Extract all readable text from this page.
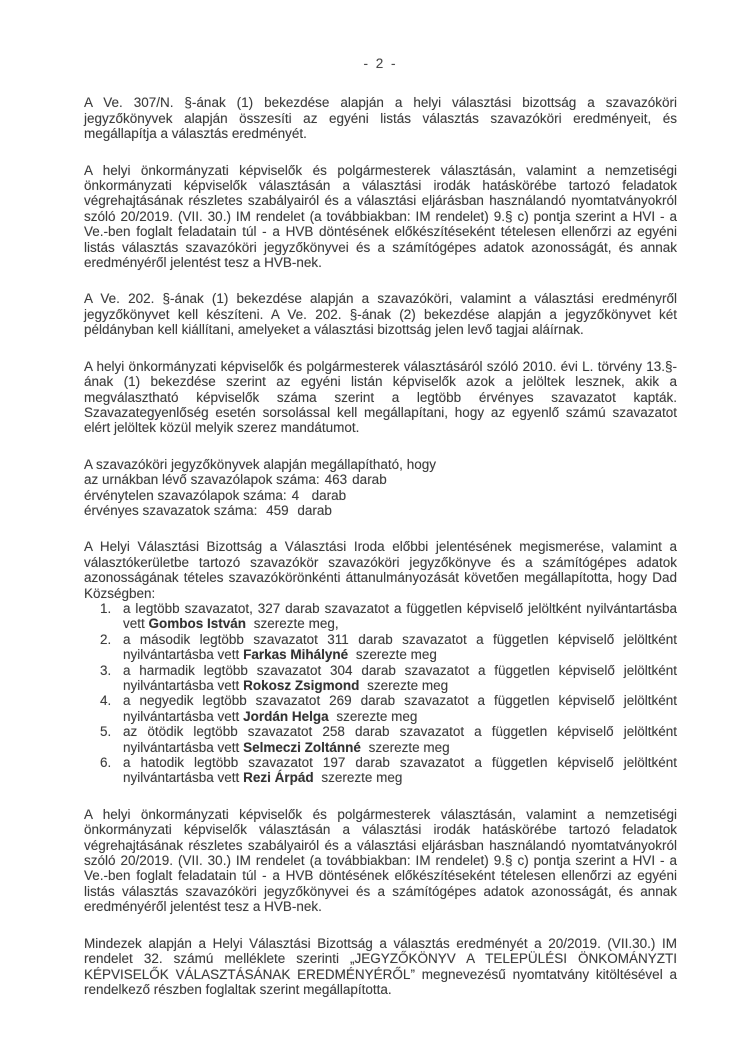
- 2 -

A Ve. 307/N. §-ának (1) bekezdése alapján a helyi választási bizottság a szavazóköri jegyzőkönyvek alapján összesíti az egyéni listás választás szavazóköri eredményeit, és megállapítja a választás eredményét.

A helyi önkormányzati képviselők és polgármesterek választásán, valamint a nemzetiségi önkormányzati képviselők választásán a választási irodák hatáskörébe tartozó feladatok végrehajtásának részletes szabályairól és a választási eljárásban használandó nyomtatványokról szóló 20/2019. (VII. 30.) IM rendelet (a továbbiakban: IM rendelet) 9.§ c) pontja szerint a HVI - a Ve.-ben foglalt feladatain túl - a HVB döntésének előkészítéseként tételesen ellenőrzi az egyéni listás választás szavazóköri jegyzőkönyvei és a számítógépes adatok azonosságát, és annak eredményéről jelentést tesz a HVB-nek.

A Ve. 202. §-ának (1) bekezdése alapján a szavazóköri, valamint a választási eredményről jegyzőkönyvet kell készíteni. A Ve. 202. §-ának (2) bekezdése alapján a jegyzőkönyvet két példányban kell kiállítani, amelyeket a választási bizottság jelen levő tagjai aláírnak.

A helyi önkormányzati képviselők és polgármesterek választásáról szóló 2010. évi L. törvény 13.§-ának (1) bekezdése szerint az egyéni listán képviselők azok a jelöltek lesznek, akik a megválasztható képviselők száma szerint a legtöbb érvényes szavazatot kapták. Szavazategyenlőség esetén sorsolással kell megállapítani, hogy az egyenlő számú szavazatot elért jelöltek közül melyik szerez mandátumot.

A szavazóköri jegyzőkönyvek alapján megállapítható, hogy
az urnákban lévő szavazólapok száma: 463 darab
érvénytelen szavazólapok száma: 4  darab
érvényes szavazatok száma: 459 darab

A Helyi Választási Bizottság a Választási Iroda előbbi jelentésének megismerése, valamint a választókerületbe tartozó szavazókör szavazóköri jegyzőkönyve és a számítógépes adatok azonosságának tételes szavazókörönkénti áttanulmányozását követően megállapította, hogy Dad Községben:

1. a legtöbb szavazatot, 327 darab szavazatot a független képviselő jelöltként nyilvántartásba vett Gombos István szerezte meg,
2. a második legtöbb szavazatot 311 darab szavazatot a független képviselő jelöltként nyilvántartásba vett Farkas Mihályné szerezte meg
3. a harmadik legtöbb szavazatot 304 darab szavazatot a független képviselő jelöltként nyilvántartásba vett Rokosz Zsigmond szerezte meg
4. a negyedik legtöbb szavazatot 269 darab szavazatot a független képviselő jelöltként nyilvántartásba vett Jordán Helga szerezte meg
5. az ötödik legtöbb szavazatot 258 darab szavazatot a független képviselő jelöltként nyilvántartásba vett Selmeczi Zoltánné szerezte meg
6. a hatodik legtöbb szavazatot 197 darab szavazatot a független képviselő jelöltként nyilvántartásba vett Rezi Árpád szerezte meg

A helyi önkormányzati képviselők és polgármesterek választásán, valamint a nemzetiségi önkormányzati képviselők választásán a választási irodák hatáskörébe tartozó feladatok végrehajtásának részletes szabályairól és a választási eljárásban használandó nyomtatványokról szóló 20/2019. (VII. 30.) IM rendelet (a továbbiakban: IM rendelet) 9.§ c) pontja szerint a HVI - a Ve.-ben foglalt feladatain túl - a HVB döntésének előkészítéseként tételesen ellenőrzi az egyéni listás választás szavazóköri jegyzőkönyvei és a számítógépes adatok azonosságát, és annak eredményéről jelentést tesz a HVB-nek.

Mindezek alapján a Helyi Választási Bizottság a választás eredményét a 20/2019. (VII.30.) IM rendelet 32. számú melléklete szerinti „JEGYZŐKÖNYV A TELEPÜLÉSI ÖNKOMÁNYZTI KÉPVISELŐK VÁLASZTÁSÁNAK EREDMÉNYÉRŐL” megnevezésű nyomtatvány kitöltésével a rendelkező részben foglaltak szerint megállapította.
